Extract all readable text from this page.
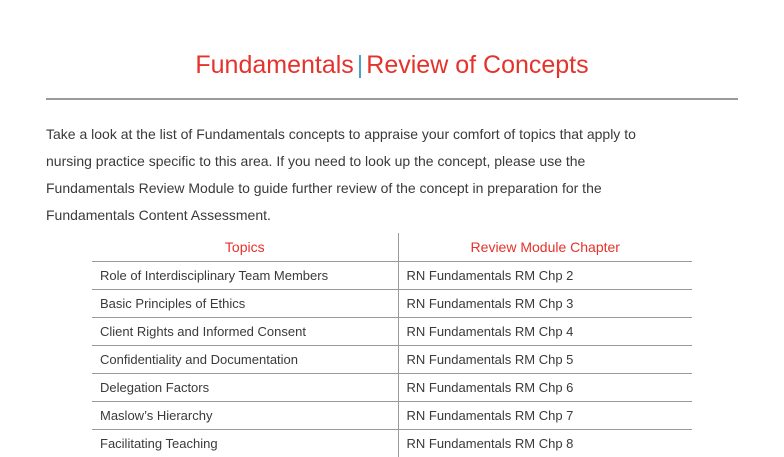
Fundamentals | Review of Concepts

Take a look at the list of Fundamentals concepts to appraise your comfort of topics that apply to

nursing practice specific to this area. If you need to look up the concept, please use the

Fundamentals Review Module to guide further review of the concept in preparation for the

Fundamentals Content Assessment.

Topics	Review Module Chapter
Role of Interdisciplinary Team Members	RN Fundamentals RM Chp 2
Basic Principles of Ethics	RN Fundamentals RM Chp 3
Client Rights and Informed Consent	RN Fundamentals RM Chp 4
Confidentiality and Documentation	RN Fundamentals RM Chp 5
Delegation Factors	RN Fundamentals RM Chp 6
Maslow’s Hierarchy	RN Fundamentals RM Chp 7
Facilitating Teaching	RN Fundamentals RM Chp 8
